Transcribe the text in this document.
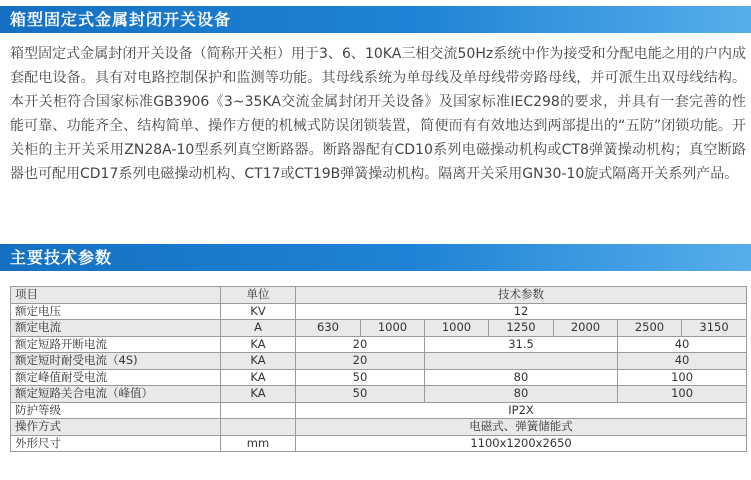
箱型固定式金属封闭开关设备

箱型固定式金属封闭开关设备（简称开关柜）用于3、6、10KA三相交流50Hz系统中作为接受和分配电能之用的户内成套配电设备。具有对电路控制保护和监测等功能。其母线系统为单母线及单母线带旁路母线，并可派生出双母线结构。本开关柜符合国家标准GB3906《3~35KA交流金属封闭开关设备》及国家标准IEC298的要求，并具有一套完善的性能可靠、功能齐全、结构简单、操作方便的机械式防误闭锁装置，简便而有有效地达到两部提出的“五防”闭锁功能。开关柜的主开关采用ZN28A-10型系列真空断路器。断路器配有CD10系列电磁操动机构或CT8弹簧操动机构；真空断路器也可配用CD17系列电磁操动机构、CT17或CT19B弹簧操动机构。隔离开关采用GN30-10旋式隔离开关系列产品。

主要技术参数
项目	单位	技术参数						
额定电压	KV	12						
额定电流	A	630	1000	1000	1250	2000	2500	3150
额定短路开断电流	KA	20		31.5			40	
额定短时耐受电流（4S)	KA	20					40	
额定峰值耐受电流	KA	50		80			100	
额定短路关合电流（峰值）	KA	50		80			100	
防护等级		IP2X						
操作方式		电磁式、弹簧储能式						
外形尺寸	mm	1100x1200x2650						
